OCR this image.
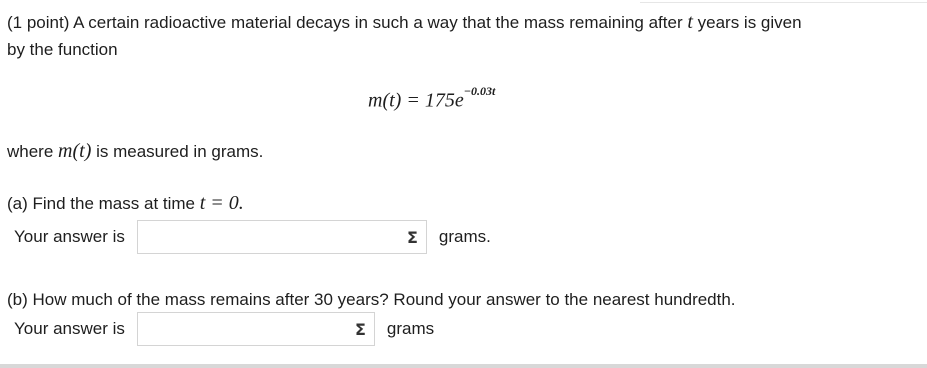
(1 point) A certain radioactive material decays in such a way that the mass remaining after t years is given
by the function
$m(t) = 175e^{-0.03t}$
where m(t) is measured in grams.
(a) Find the mass at time t = 0.
Your answer is	Σ	grams.
(b) How much of the mass remains after 30 years? Round your answer to the nearest hundredth.
Your answer is	Σ	grams
